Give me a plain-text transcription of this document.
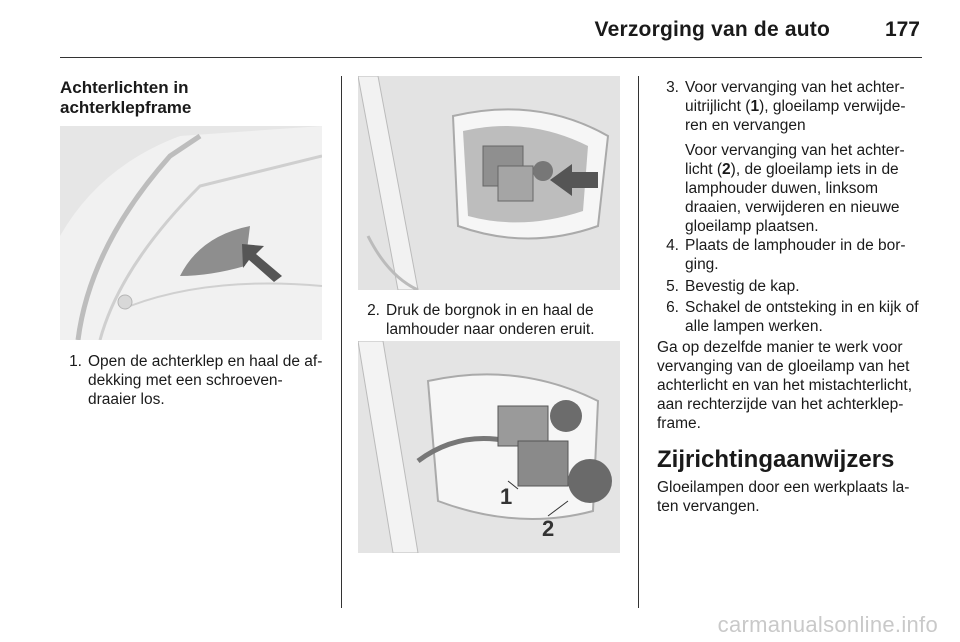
Verzorging van de auto	177
Achterlichten in
achterklepframe
1. Open de achterklep en haal de af-
dekking met een schroeven-
draaier los.
2. Druk de borgnok in en haal de
lamhouder naar onderen eruit.
1
2
3. Voor vervanging van het achter-
uitrijlicht (1), gloeilamp verwijde-
ren en vervangen
Voor vervanging van het achter-
licht (2), de gloeilamp iets in de
lamphouder duwen, linksom
draaien, verwijderen en nieuwe
gloeilamp plaatsen.
4. Plaats de lamphouder in de bor-
ging.
5. Bevestig de kap.
6. Schakel de ontsteking in en kijk of
alle lampen werken.
Ga op dezelfde manier te werk voor
vervanging van de gloeilamp van het
achterlicht en van het mistachterlicht,
aan rechterzijde van het achterklep-
frame.
Zijrichtingaanwijzers
Gloeilampen door een werkplaats la-
ten vervangen.
carmanualsonline.info
